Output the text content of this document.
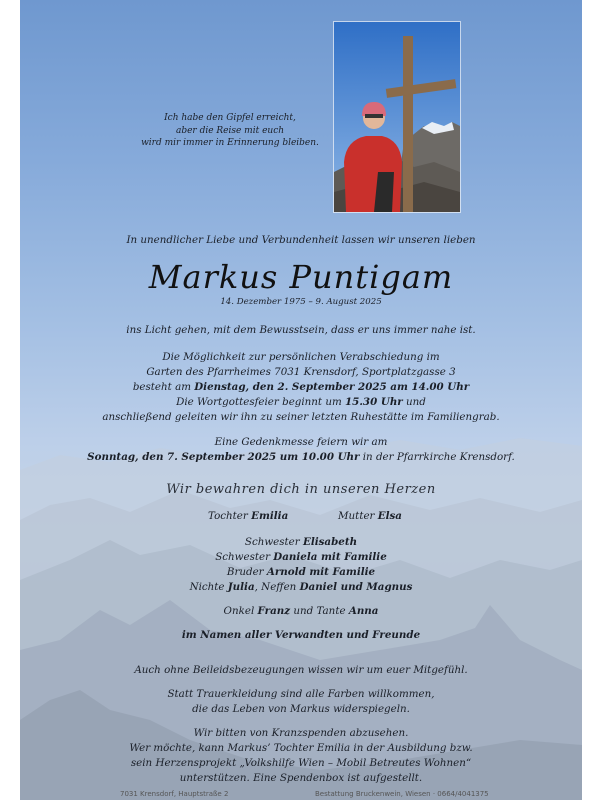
Ich habe den Gipfel erreicht,
aber die Reise mit euch
wird mir immer in Erinnerung bleiben.
In unendlicher Liebe und Verbundenheit lassen wir unseren lieben
Markus Puntigam
14. Dezember 1975 – 9. August 2025
ins Licht gehen, mit dem Bewusstsein, dass er uns immer nahe ist.
Die Möglichkeit zur persönlichen Verabschiedung im
Garten des Pfarrheimes 7031 Krensdorf, Sportplatzgasse 3
besteht am Dienstag, den 2. September 2025 am 14.00 Uhr
Die Wortgottesfeier beginnt um 15.30 Uhr und
anschließend geleiten wir ihn zu seiner letzten Ruhestätte im Familiengrab.
Eine Gedenkmesse feiern wir am
Sonntag, den 7. September 2025 um 10.00 Uhr in der Pfarrkirche Krensdorf.
Wir bewahren dich in unseren Herzen
Tochter Emilia	Mutter Elsa
Schwester Elisabeth
Schwester Daniela mit Familie
Bruder Arnold mit Familie
Nichte Julia, Neffen Daniel und Magnus
Onkel Franz und Tante Anna
im Namen aller Verwandten und Freunde
Auch ohne Beileidsbezeugungen wissen wir um euer Mitgefühl.
Statt Trauerkleidung sind alle Farben willkommen,
die das Leben von Markus widerspiegeln.
Wir bitten von Kranzspenden abzusehen.
Wer möchte, kann Markus’ Tochter Emilia in der Ausbildung bzw.
sein Herzensprojekt „Volkshilfe Wien – Mobil Betreutes Wohnen“
unterstützen. Eine Spendenbox ist aufgestellt.
7031 Krensdorf, Hauptstraße 2	Bestattung Bruckenwein, Wiesen · 0664/4041375
